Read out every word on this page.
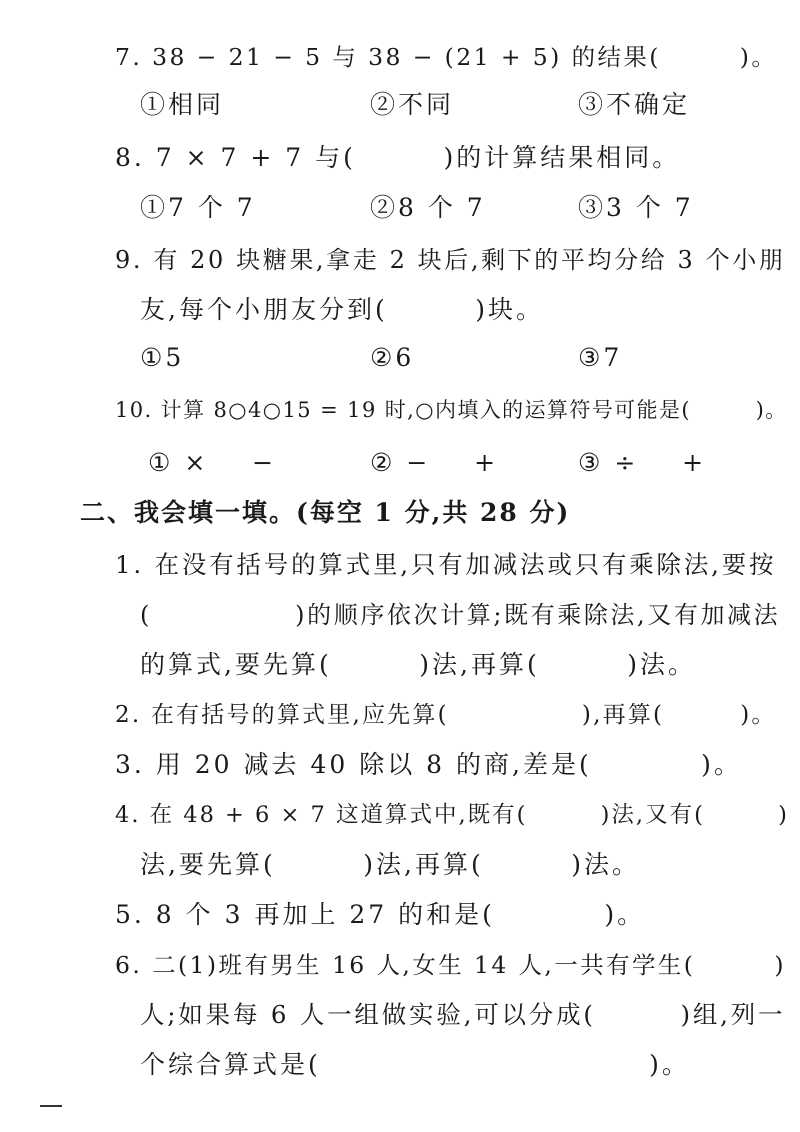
7. 38 − 21 − 5 与 38 − (21 + 5) 的结果(        )。
①相同	②不同	③不确定
8. 7 × 7 + 7 与(        )的计算结果相同。
①7 个 7	②8 个 7	③3 个 7
9. 有 20 块糖果,拿走 2 块后,剩下的平均分给 3 个小朋
友,每个小朋友分到(        )块。
①5	②6	③7
10. 计算 8○4○15 = 19 时,○内填入的运算符号可能是(        )。
① ×    −	② −    +	③ ÷    +
二、我会填一填。(每空 1 分,共 28 分)
1. 在没有括号的算式里,只有加减法或只有乘除法,要按
(              )的顺序依次计算;既有乘除法,又有加减法
的算式,要先算(        )法,再算(        )法。
2. 在有括号的算式里,应先算(              ),再算(        )。
3. 用 20 减去 40 除以 8 的商,差是(          )。
4. 在 48 + 6 × 7 这道算式中,既有(        )法,又有(        )
法,要先算(        )法,再算(        )法。
5. 8 个 3 再加上 27 的和是(          )。
6. 二(1)班有男生 16 人,女生 14 人,一共有学生(        )
人;如果每 6 人一组做实验,可以分成(        )组,列一
个综合算式是(                              )。
